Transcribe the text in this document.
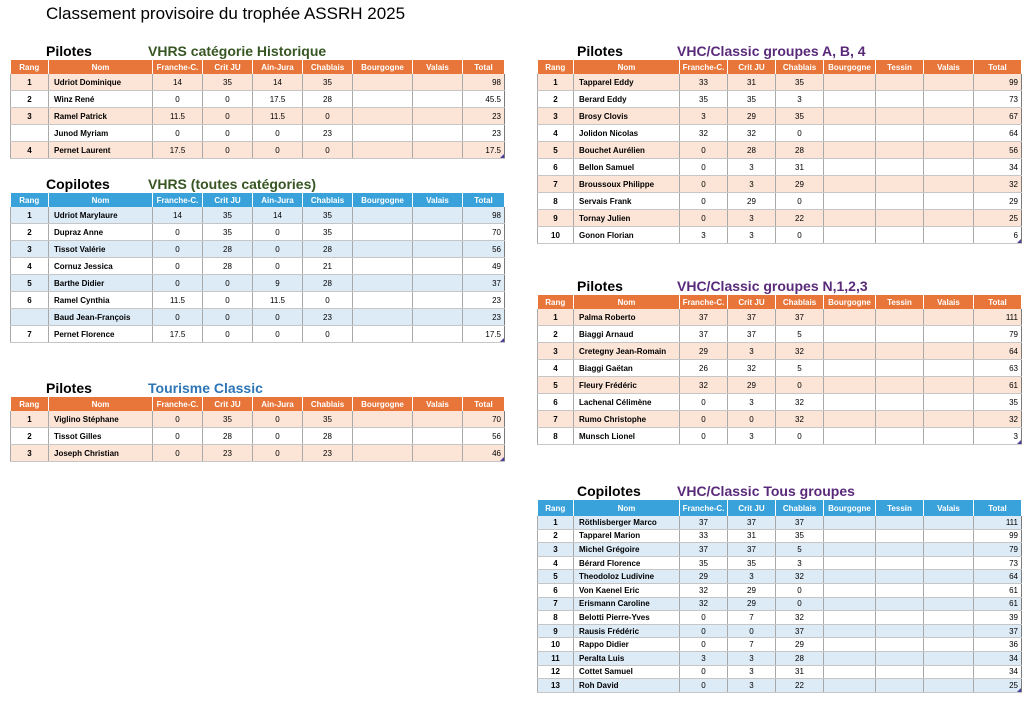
Classement provisoire du trophée ASSRH 2025
Pilotes	VHRS catégorie Historique
Rang	Nom	Franche-C.	Crit JU	Ain-Jura	Chablais	Bourgogne	Valais	Total
1	Udriot Dominique	14	35	14	35			98
2	Winz René	0	0	17.5	28			45.5
3	Ramel Patrick	11.5	0	11.5	0			23
	Junod Myriam	0	0	0	23			23
4	Pernet Laurent	17.5	0	0	0			17.5
Copilotes	VHRS (toutes catégories)
Rang	Nom	Franche-C.	Crit JU	Ain-Jura	Chablais	Bourgogne	Valais	Total
1	Udriot Marylaure	14	35	14	35			98
2	Dupraz Anne	0	35	0	35			70
3	Tissot Valérie	0	28	0	28			56
4	Cornuz Jessica	0	28	0	21			49
5	Barthe Didier	0	0	9	28			37
6	Ramel Cynthia	11.5	0	11.5	0			23
	Baud Jean-François	0	0	0	23			23
7	Pernet Florence	17.5	0	0	0			17.5
Pilotes	Tourisme Classic
Rang	Nom	Franche-C.	Crit JU	Ain-Jura	Chablais	Bourgogne	Valais	Total
1	Viglino Stéphane	0	35	0	35			70
2	Tissot Gilles	0	28	0	28			56
3	Joseph Christian	0	23	0	23			46
Pilotes	VHC/Classic groupes A, B, 4
Rang	Nom	Franche-C.	Crit JU	Chablais	Bourgogne	Tessin	Valais	Total
1	Tapparel Eddy	33	31	35				99
2	Berard Eddy	35	35	3				73
3	Brosy Clovis	3	29	35				67
4	Jolidon Nicolas	32	32	0				64
5	Bouchet Aurélien	0	28	28				56
6	Bellon Samuel	0	3	31				34
7	Broussoux Philippe	0	3	29				32
8	Servais Frank	0	29	0				29
9	Tornay Julien	0	3	22				25
10	Gonon Florian	3	3	0				6
Pilotes	VHC/Classic groupes N,1,2,3
Rang	Nom	Franche-C.	Crit JU	Chablais	Bourgogne	Tessin	Valais	Total
1	Palma Roberto	37	37	37				111
2	Biaggi Arnaud	37	37	5				79
3	Cretegny Jean-Romain	29	3	32				64
4	Biaggi Gaëtan	26	32	5				63
5	Fleury Frédéric	32	29	0				61
6	Lachenal Célimène	0	3	32				35
7	Rumo Christophe	0	0	32				32
8	Munsch Lionel	0	3	0				3
Copilotes	VHC/Classic Tous groupes
Rang	Nom	Franche-C.	Crit JU	Chablais	Bourgogne	Tessin	Valais	Total
1	Röthlisberger Marco	37	37	37				111
2	Tapparel Marion	33	31	35				99
3	Michel Grégoire	37	37	5				79
4	Bérard Florence	35	35	3				73
5	Theodoloz Ludivine	29	3	32				64
6	Von Kaenel Eric	32	29	0				61
7	Erismann Caroline	32	29	0				61
8	Belotti Pierre-Yves	0	7	32				39
9	Rausis Frédéric	0	0	37				37
10	Rappo Didier	0	7	29				36
11	Peralta Luis	3	3	28				34
12	Cottet Samuel	0	3	31				34
13	Roh David	0	3	22				25
